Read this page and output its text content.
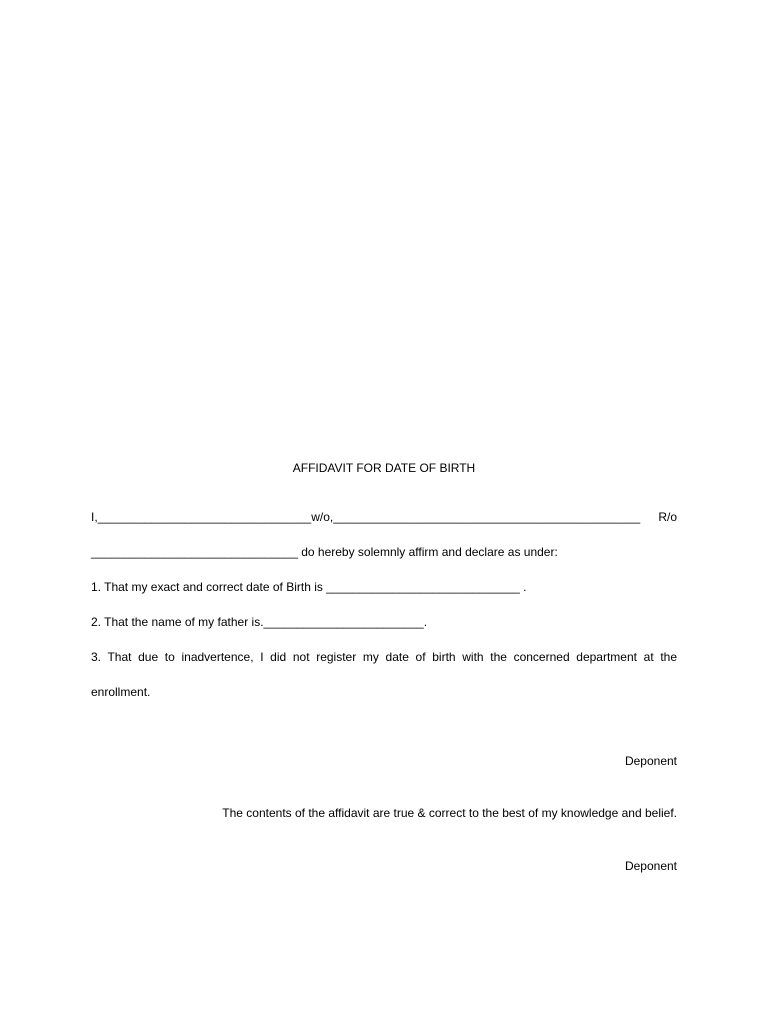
AFFIDAVIT FOR DATE OF BIRTH
I,________________________________w/o,______________________________________________ R/o
_______________________________ do hereby solemnly affirm and declare as under:
1. That my exact and correct date of Birth is _____________________________ .
2. That the name of my father is.________________________.
3. That due to inadvertence, I did not register my date of birth with the concerned department at the
enrollment.
Deponent
The contents of the affidavit are true & correct to the best of my knowledge and belief.
Deponent
